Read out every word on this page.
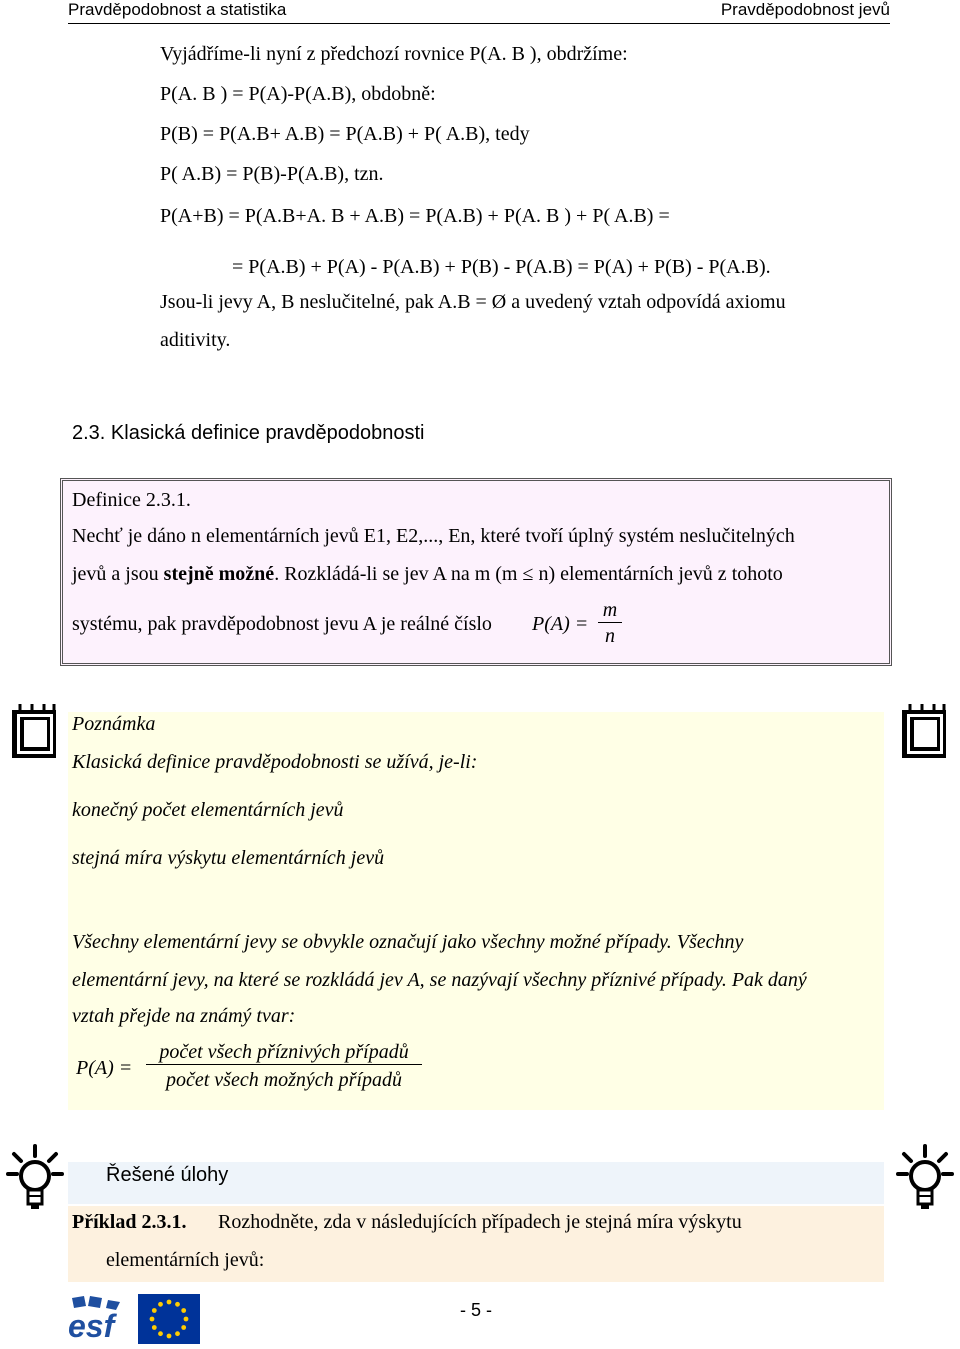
Pravděpodobnost a statistika	Pravděpodobnost jevů
Vyjádříme-li nyní z předchozí rovnice P(A. B ), obdržíme:
P(A. B ) = P(A)-P(A.B), obdobně:
P(B) = P(A.B+ A.B) = P(A.B) + P( A.B), tedy
P( A.B) = P(B)-P(A.B), tzn.
P(A+B) = P(A.B+A. B + A.B) = P(A.B) + P(A. B ) + P( A.B) =
= P(A.B) + P(A) - P(A.B) + P(B) - P(A.B) = P(A) + P(B) - P(A.B).
Jsou-li jevy A, B neslučitelné, pak A.B = Ø a uvedený vztah odpovídá axiomu
aditivity.
2.3. Klasická definice pravděpodobnosti
Definice 2.3.1.
Nechť je dáno n elementárních jevů E1, E2,..., En, které tvoří úplný systém neslučitelných
jevů a jsou stejně možné. Rozkládá-li se jev A na m (m ≤ n) elementárních jevů z tohoto
systému, pak pravděpodobnost jevu A je reálné číslo $P(A) = \frac{m}{n}$
Poznámka
Klasická definice pravděpodobnosti se užívá, je-li:
konečný počet elementárních jevů
stejná míra výskytu elementárních jevů
Všechny elementární jevy se obvykle označují jako všechny možné případy. Všechny
elementární jevy, na které se rozkládá jev A, se nazývají všechny příznivé případy. Pak daný
vztah přejde na známý tvar:
P(A) =
počet všech příznivých případů
počet všech možných případů
Řešené úlohy
Příklad 2.3.1. Rozhodněte, zda v následujících případech je stejná míra výskytu
elementárních jevů:
esf	- 5 -
